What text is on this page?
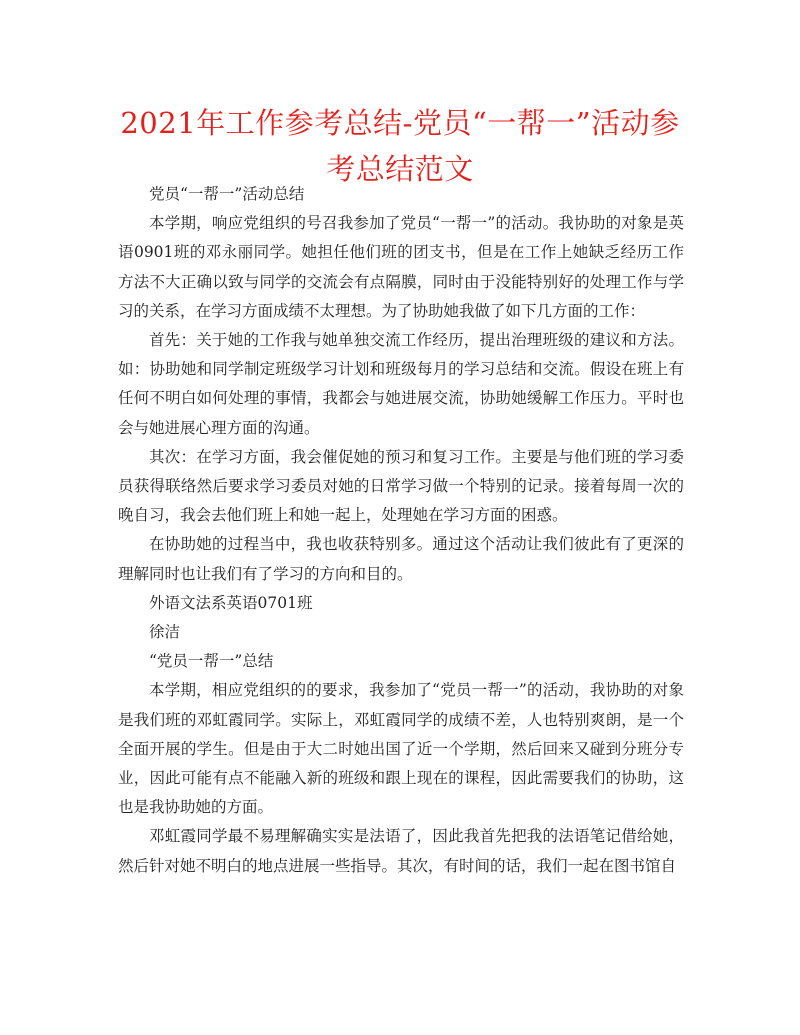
2021年工作参考总结-党员“一帮一”活动参考总结范文

党员“一帮一”活动总结

本学期，响应党组织的号召我参加了党员“一帮一”的活动。我协助的对象是英语0901班的邓永丽同学。她担任他们班的团支书，但是在工作上她缺乏经历工作方法不大正确以致与同学的交流会有点隔膜，同时由于没能特别好的处理工作与学习的关系，在学习方面成绩不太理想。为了协助她我做了如下几方面的工作：

首先：关于她的工作我与她单独交流工作经历，提出治理班级的建议和方法。如：协助她和同学制定班级学习计划和班级每月的学习总结和交流。假设在班上有任何不明白如何处理的事情，我都会与她进展交流，协助她缓解工作压力。平时也会与她进展心理方面的沟通。

其次：在学习方面，我会催促她的预习和复习工作。主要是与他们班的学习委员获得联络然后要求学习委员对她的日常学习做一个特别的记录。接着每周一次的晚自习，我会去他们班上和她一起上，处理她在学习方面的困惑。

在协助她的过程当中，我也收获特别多。通过这个活动让我们彼此有了更深的理解同时也让我们有了学习的方向和目的。

外语文法系英语0701班

徐洁

“党员一帮一”总结

本学期，相应党组织的的要求，我参加了“党员一帮一”的活动，我协助的对象是我们班的邓虹霞同学。实际上，邓虹霞同学的成绩不差，人也特别爽朗，是一个全面开展的学生。但是由于大二时她出国了近一个学期，然后回来又碰到分班分专业，因此可能有点不能融入新的班级和跟上现在的课程，因此需要我们的协助，这也是我协助她的方面。

邓虹霞同学最不易理解确实实是法语了，因此我首先把我的法语笔记借给她，然后针对她不明白的地点进展一些指导。其次，有时间的话，我们一起在图书馆自
